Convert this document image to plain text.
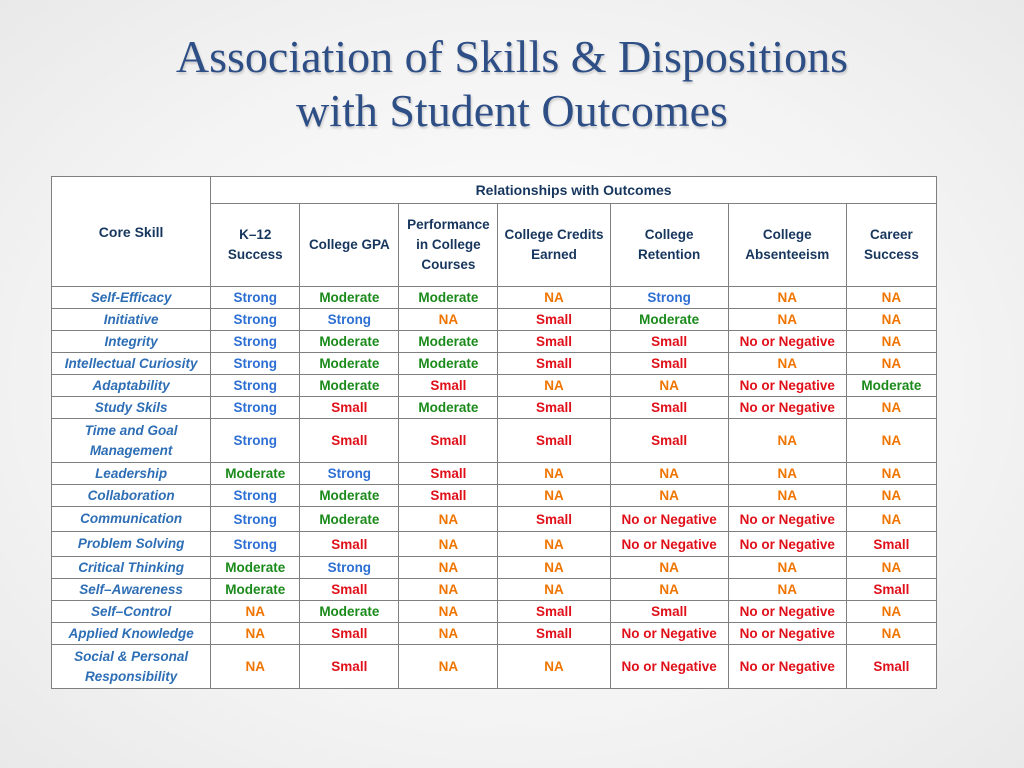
Association of Skills & Dispositions
with Student Outcomes
Core Skill	Relationships with Outcomes						
	K–12 Success	College GPA	Performance in College Courses	College Credits Earned	College Retention	College Absenteeism	Career Success
Self-Efficacy	Strong	Moderate	Moderate	NA	Strong	NA	NA
Initiative	Strong	Strong	NA	Small	Moderate	NA	NA
Integrity	Strong	Moderate	Moderate	Small	Small	No or Negative	NA
Intellectual Curiosity	Strong	Moderate	Moderate	Small	Small	NA	NA
Adaptability	Strong	Moderate	Small	NA	NA	No or Negative	Moderate
Study Skils	Strong	Small	Moderate	Small	Small	No or Negative	NA
Time and Goal Management	Strong	Small	Small	Small	Small	NA	NA
Leadership	Moderate	Strong	Small	NA	NA	NA	NA
Collaboration	Strong	Moderate	Small	NA	NA	NA	NA
Communication	Strong	Moderate	NA	Small	No or Negative	No or Negative	NA
Problem Solving	Strong	Small	NA	NA	No or Negative	No or Negative	Small
Critical Thinking	Moderate	Strong	NA	NA	NA	NA	NA
Self–Awareness	Moderate	Small	NA	NA	NA	NA	Small
Self–Control	NA	Moderate	NA	Small	Small	No or Negative	NA
Applied Knowledge	NA	Small	NA	Small	No or Negative	No or Negative	NA
Social & Personal Responsibility	NA	Small	NA	NA	No or Negative	No or Negative	Small
